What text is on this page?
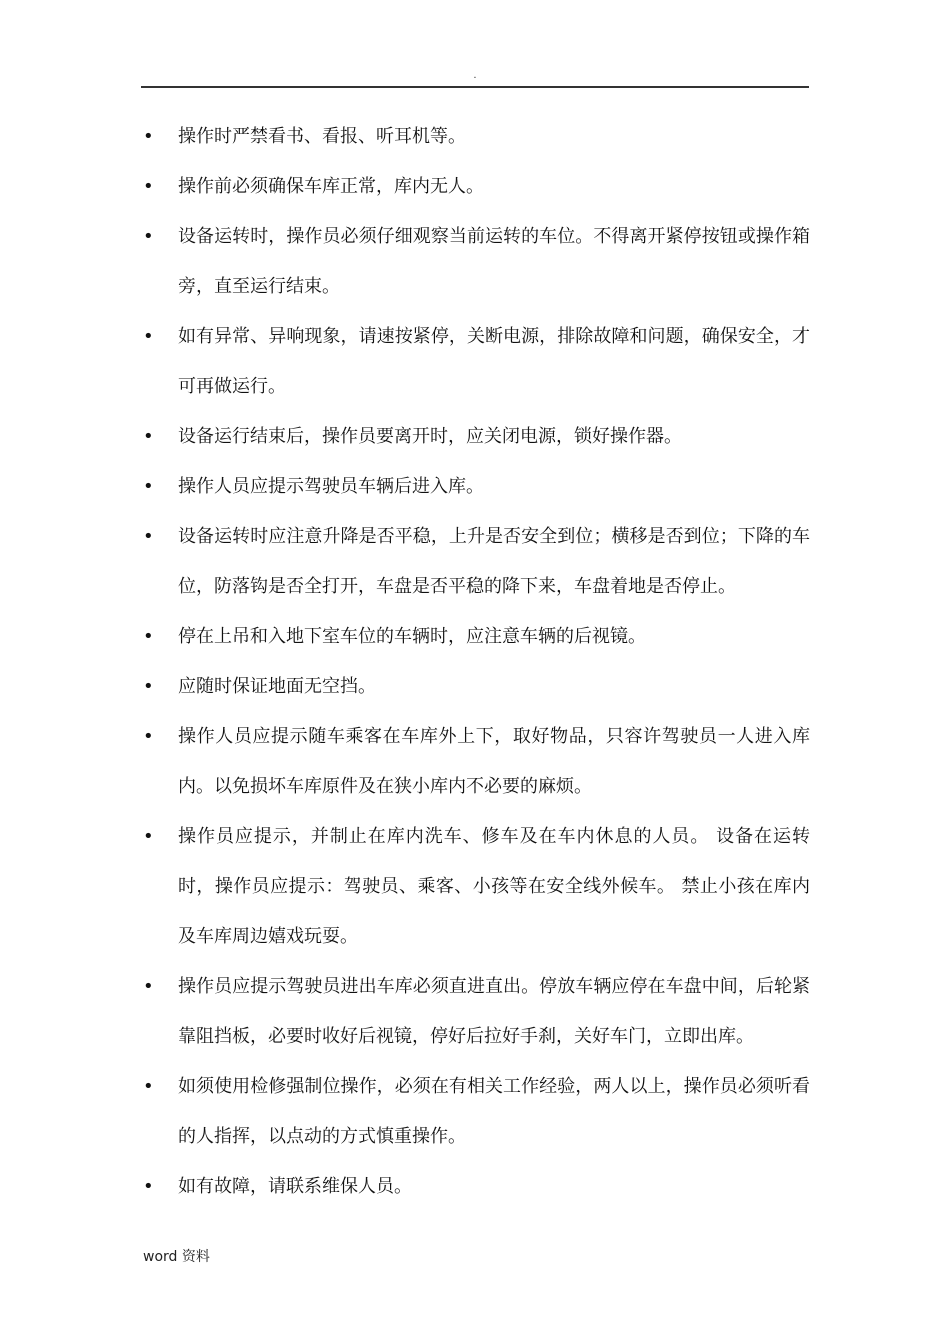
.
• 操作时严禁看书、看报、听耳机等。
• 操作前必须确保车库正常，库内无人。
• 设备运转时，操作员必须仔细观察当前运转的车位。不得离开紧停按钮或操作箱旁，直至运行结束。
• 如有异常、异响现象，请速按紧停，关断电源，排除故障和问题，确保安全，才可再做运行。
• 设备运行结束后，操作员要离开时，应关闭电源，锁好操作器。
• 操作人员应提示驾驶员车辆后进入库。
• 设备运转时应注意升降是否平稳，上升是否安全到位；横移是否到位；下降的车位，防落钩是否全打开，车盘是否平稳的降下来，车盘着地是否停止。
• 停在上吊和入地下室车位的车辆时，应注意车辆的后视镜。
• 应随时保证地面无空挡。
• 操作人员应提示随车乘客在车库外上下，取好物品，只容许驾驶员一人进入库内。以免损坏车库原件及在狭小库内不必要的麻烦。
• 操作员应提示，并制止在库内洗车、修车及在车内休息的人员。 设备在运转时，操作员应提示：驾驶员、乘客、小孩等在安全线外候车。 禁止小孩在库内及车库周边嬉戏玩耍。
• 操作员应提示驾驶员进出车库必须直进直出。停放车辆应停在车盘中间，后轮紧靠阻挡板，必要时收好后视镜，停好后拉好手刹，关好车门，立即出库。
• 如须使用检修强制位操作，必须在有相关工作经验，两人以上，操作员必须听看的人指挥，以点动的方式慎重操作。
• 如有故障，请联系维保人员。
word 资料
